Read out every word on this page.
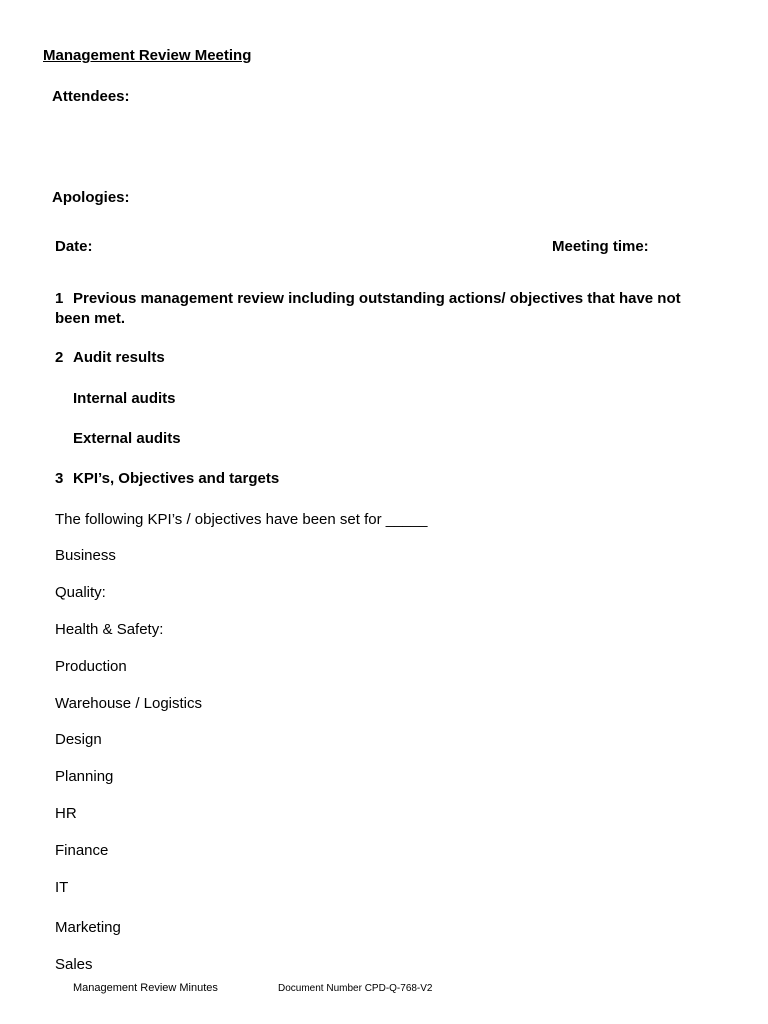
Management Review Meeting
Attendees:
Apologies:
Date:	Meeting time:
1 Previous management review including outstanding actions/ objectives that have not been met.
2 Audit results
Internal audits
External audits
3 KPI’s, Objectives and targets
The following KPI’s / objectives have been set for _____
Business
Quality:
Health & Safety:
Production
Warehouse / Logistics
Design
Planning
HR
Finance
IT
Marketing
Sales
Management Review Minutes	Document Number CPD-Q-768-V2
